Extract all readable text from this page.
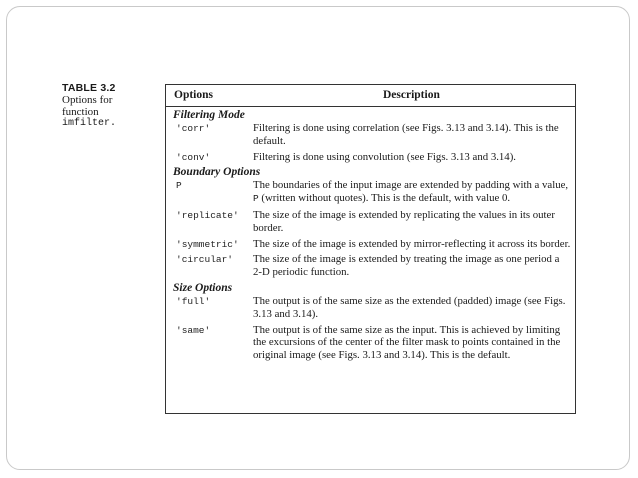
TABLE 3.2
Options for
function
imfilter.
Options	Description
Filtering Mode
'corr'	Filtering is done using correlation (see Figs. 3.13 and 3.14). This is the default.
'conv'	Filtering is done using convolution (see Figs. 3.13 and 3.14).
Boundary Options
P	The boundaries of the input image are extended by padding with a value, P (written without quotes). This is the default, with value 0.
'replicate' The size of the image is extended by replicating the values in its outer border.
'symmetric' The size of the image is extended by mirror-reflecting it across its border.
'circular' The size of the image is extended by treating the image as one period a 2-D periodic function.
Size Options
'full'	The output is of the same size as the extended (padded) image (see Figs. 3.13 and 3.14).
'same'	The output is of the same size as the input. This is achieved by limiting the excursions of the center of the filter mask to points contained in the original image (see Figs. 3.13 and 3.14). This is the default.
